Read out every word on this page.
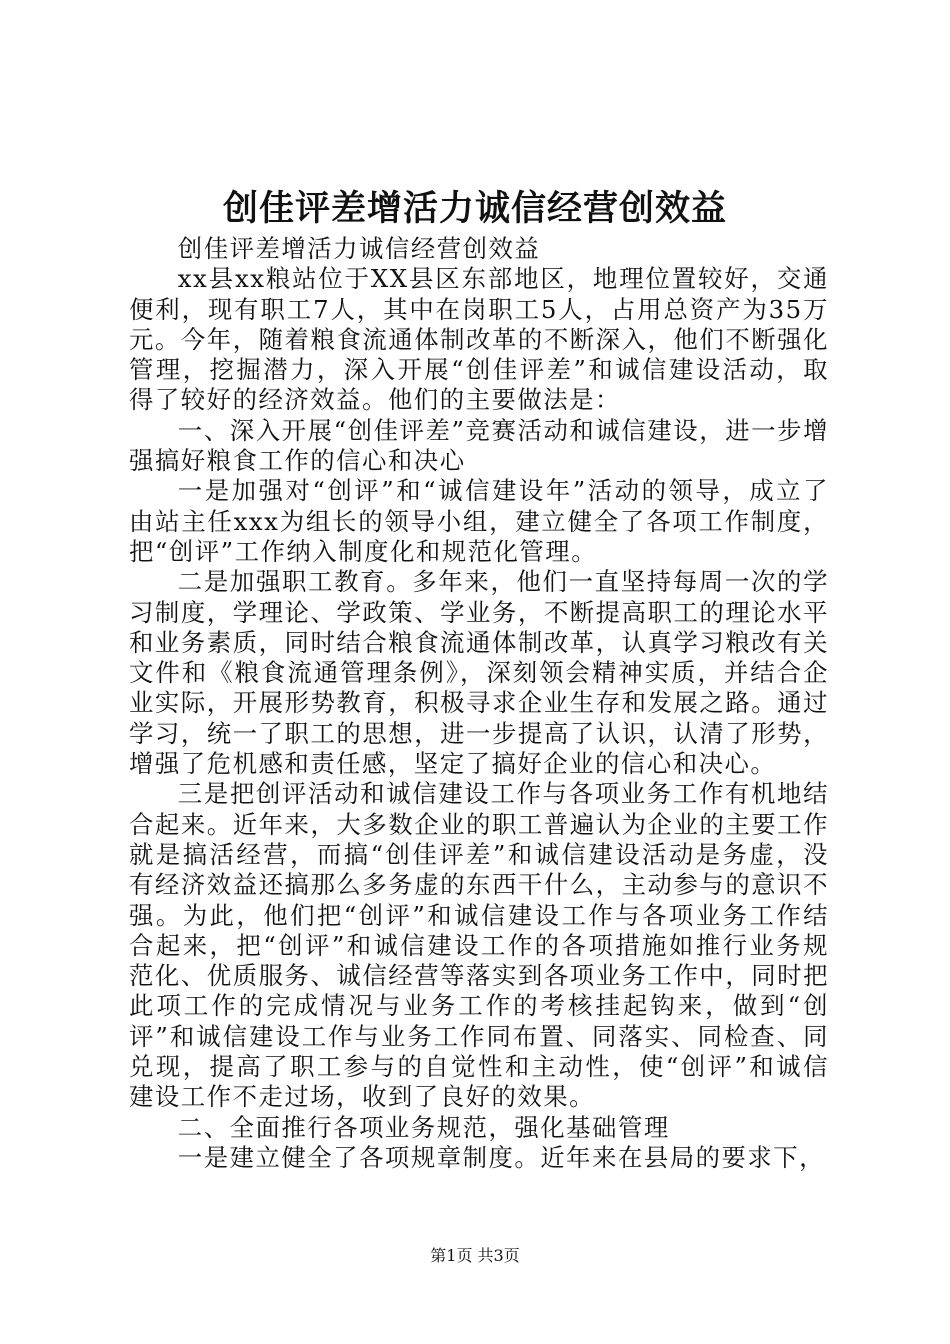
创佳评差增活力诚信经营创效益

创佳评差增活力诚信经营创效益

xx县xx粮站位于XX县区东部地区，地理位置较好，交通便利，现有职工7人，其中在岗职工5人，占用总资产为35万元。今年，随着粮食流通体制改革的不断深入，他们不断强化管理，挖掘潜力，深入开展“创佳评差”和诚信建设活动，取得了较好的经济效益。他们的主要做法是：

一、深入开展“创佳评差”竞赛活动和诚信建设，进一步增强搞好粮食工作的信心和决心

一是加强对“创评”和“诚信建设年”活动的领导，成立了由站主任xxx为组长的领导小组，建立健全了各项工作制度，把“创评”工作纳入制度化和规范化管理。

二是加强职工教育。多年来，他们一直坚持每周一次的学习制度，学理论、学政策、学业务，不断提高职工的理论水平和业务素质，同时结合粮食流通体制改革，认真学习粮改有关文件和《粮食流通管理条例》，深刻领会精神实质，并结合企业实际，开展形势教育，积极寻求企业生存和发展之路。通过学习，统一了职工的思想，进一步提高了认识，认清了形势，增强了危机感和责任感，坚定了搞好企业的信心和决心。

三是把创评活动和诚信建设工作与各项业务工作有机地结合起来。近年来，大多数企业的职工普遍认为企业的主要工作就是搞活经营，而搞“创佳评差”和诚信建设活动是务虚，没有经济效益还搞那么多务虚的东西干什么，主动参与的意识不强。为此，他们把“创评”和诚信建设工作与各项业务工作结合起来，把“创评”和诚信建设工作的各项措施如推行业务规范化、优质服务、诚信经营等落实到各项业务工作中，同时把此项工作的完成情况与业务工作的考核挂起钩来，做到“创评”和诚信建设工作与业务工作同布置、同落实、同检查、同兑现，提高了职工参与的自觉性和主动性，使“创评”和诚信建设工作不走过场，收到了良好的效果。

二、全面推行各项业务规范，强化基础管理

一是建立健全了各项规章制度。近年来在县局的要求下，

第1页 共3页
